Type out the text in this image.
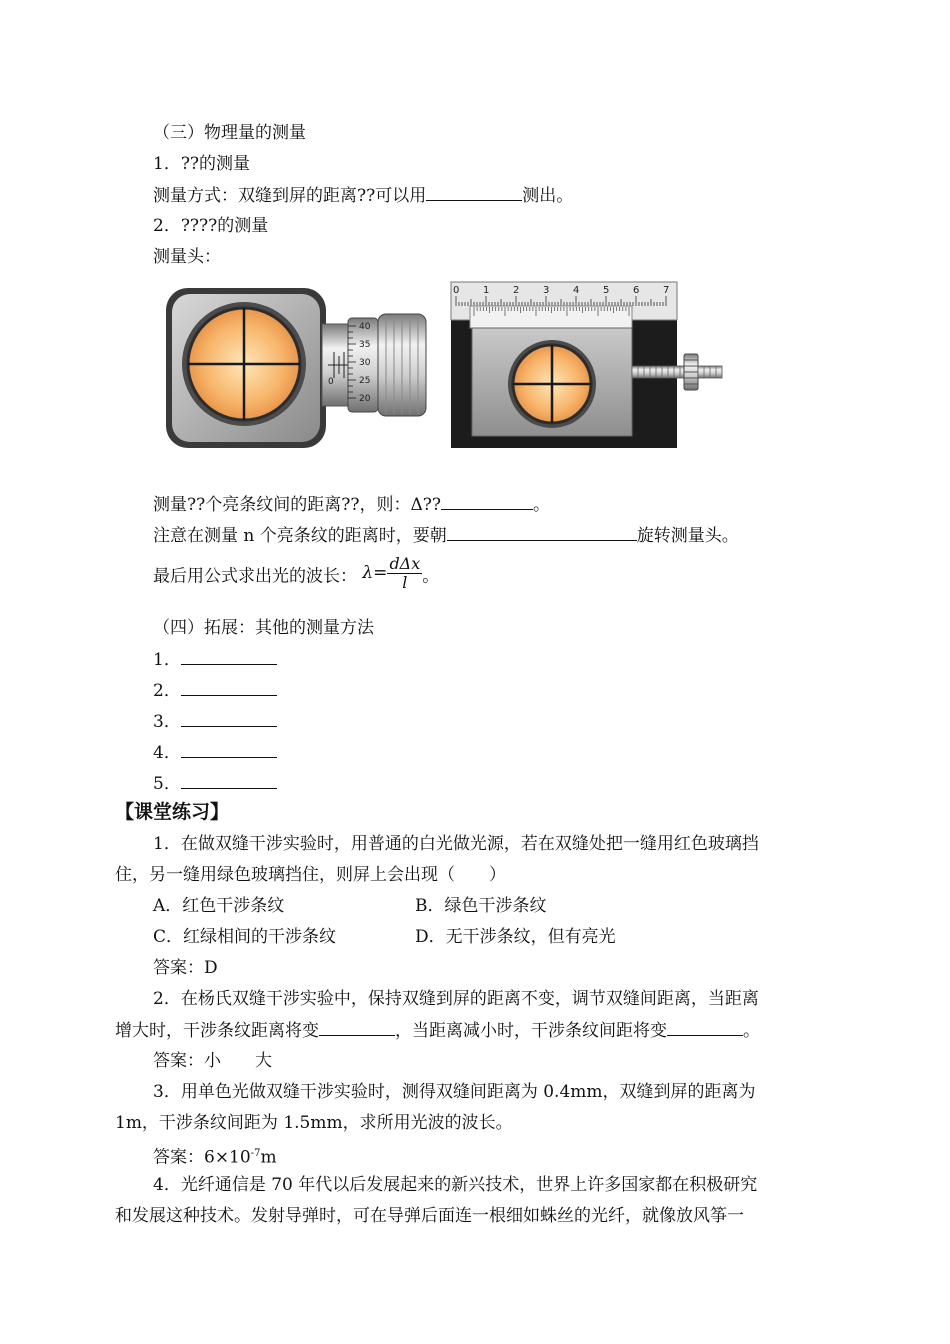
（三）物理量的测量
1．??的测量
测量方式：双缝到屏的距离??可以用	测出。
2．????的测量
测量头：
0
40
35
30
25
20
0 1 2 3 4 5 6 7
测量??个亮条纹间的距离??，则：Δ??	。
注意在测量 n 个亮条纹的距离时，要朝	旋转测量头。
最后用公式求出光的波长： $\lambda= \frac{\text{dΔx}}{l}$ 。
（四）拓展：其他的测量方法
1．
2．
3．
4．
5．
【课堂练习】
1．在做双缝干涉实验时，用普通的白光做光源，若在双缝处把一缝用红色玻璃挡
住，另一缝用绿色玻璃挡住，则屏上会出现（　　）
A．红色干涉条纹	B．绿色干涉条纹
C．红绿相间的干涉条纹	D．无干涉条纹，但有亮光
答案：D
2．在杨氏双缝干涉实验中，保持双缝到屏的距离不变，调节双缝间距离，当距离
增大时，干涉条纹距离将变	，当距离减小时，干涉条纹间距将变	。
答案：小　　大
3．用单色光做双缝干涉实验时，测得双缝间距离为 0.4mm，双缝到屏的距离为
1m，干涉条纹间距为 1.5mm，求所用光波的波长。
答案：$6\times 10^{-7}m$
4．光纤通信是 70 年代以后发展起来的新兴技术，世界上许多国家都在积极研究
和发展这种技术。发射导弹时，可在导弹后面连一根细如蛛丝的光纤，就像放风筝一
